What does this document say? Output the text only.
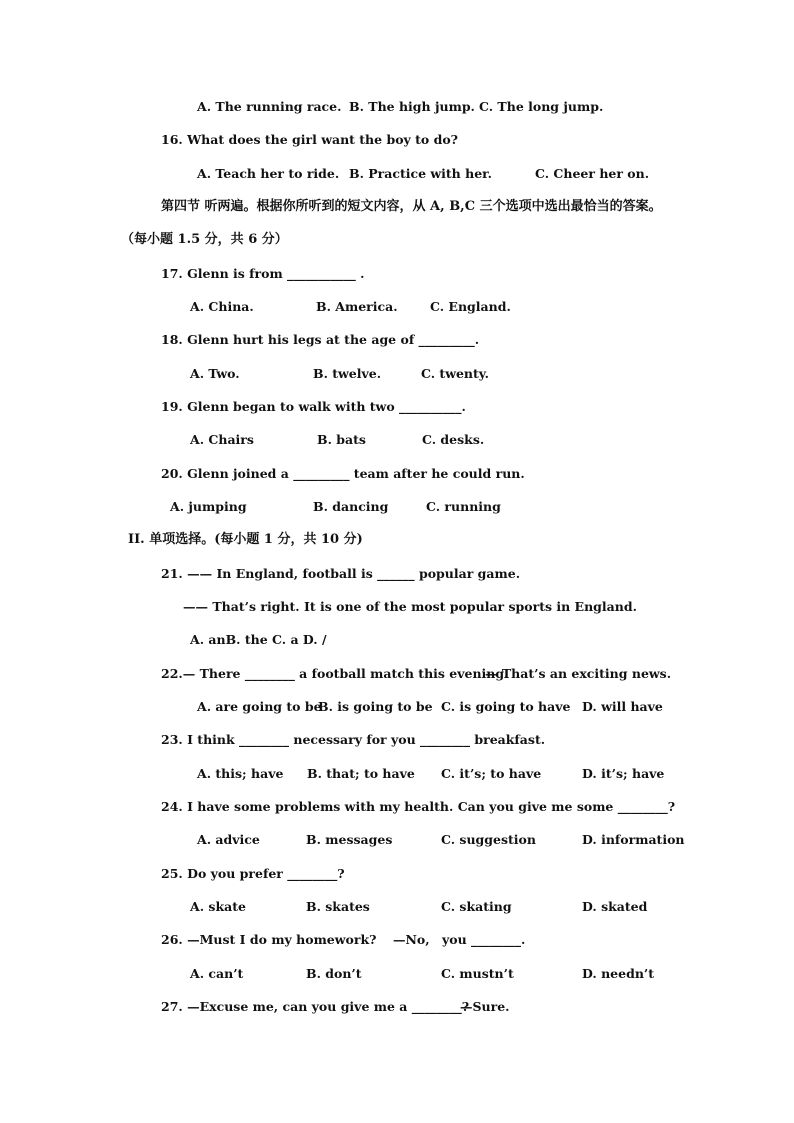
A. The running race. B. The high jump. C. The long jump.
16. What does the girl want the boy to do?
A. Teach her to ride. B. Practice with her.	C. Cheer her on.
第四节 听两遍。根据你所听到的短文内容，从 A, B,C 三个选项中选出最恰当的答案。
（每小题 1.5 分，共 6 分）
17. Glenn is from ___________ .
A. China.	B. America.	C. England.
18. Glenn hurt his legs at the age of _________.
A. Two.	B. twelve.	C. twenty.
19. Glenn began to walk with two __________.
A. Chairs	B. bats	C. desks.
20. Glenn joined a _________ team after he could run.
A. jumping	B. dancing	C. running
II. 单项选择。(每小题 1 分，共 10 分)
21. —— In England, football is ______ popular game.
—— That’s right. It is one of the most popular sports in England.
A. anB. the C. a D. /
22.— There ________ a football match this evening.
— That’s an exciting news.
A. are going to be
B. is going to be C. is going to have D. will have
23. I think ________ necessary for you ________ breakfast.
A. this; have B. that; to have C. it’s; to have	D. it’s; have
24. I have some problems with my health. Can you give me some ________?
A. advice	B. messages	C. suggestion	D. information
25. Do you prefer ________?
A. skate	B. skates	C. skating	D. skated
26. —Must I do my homework? —No, you ________.
A. can’t	B. don’t	C. mustn’t	D. needn’t
27. —Excuse me, can you give me a ________?
—Sure.
